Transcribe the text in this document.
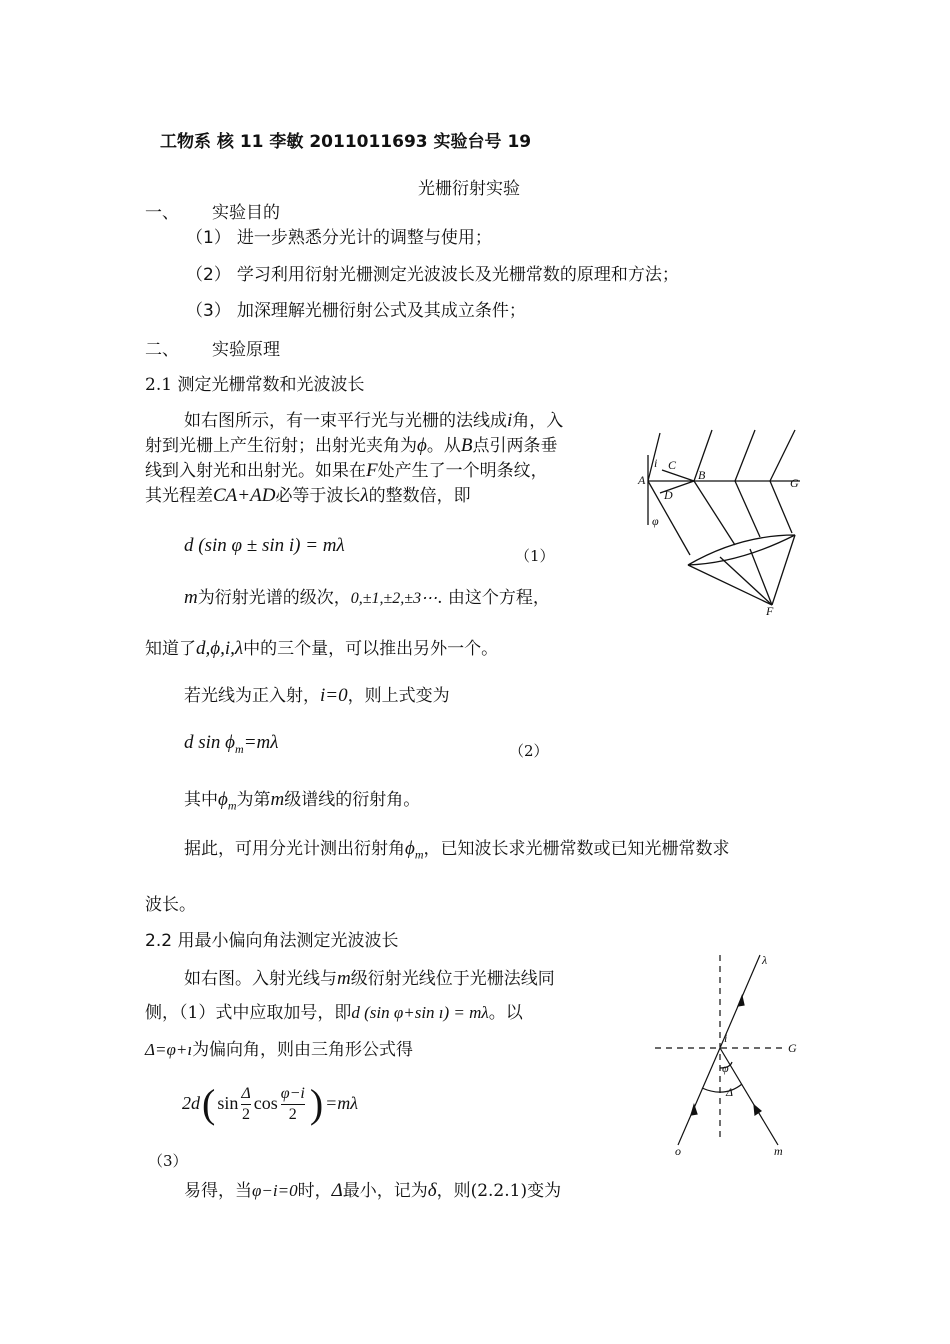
工物系 核 11 李敏 2011011693 实验台号 19
光栅衍射实验
一、 实验目的
（1） 进一步熟悉分光计的调整与使用；
（2） 学习利用衍射光栅测定光波波长及光栅常数的原理和方法；
（3） 加深理解光栅衍射公式及其成立条件；
二、 实验原理
2.1 测定光栅常数和光波波长
如右图所示，有一束平行光与光栅的法线成i角，入
射到光栅上产生衍射；出射光夹角为ϕ。从B点引两条垂
线到入射光和出射光。如果在F处产生了一个明条纹，
其光程差CA+AD必等于波长λ的整数倍，即
d (sin φ ± sin i) = mλ	（1）
m为衍射光谱的级次，0,±1,±2,±3⋯. 由这个方程，
知道了d,ϕ,i,λ中的三个量，可以推出另外一个。
若光线为正入射，i=0，则上式变为
d $\sin \phi_m=m\lambda$	（2）
其中$\phi_m$为第m级谱线的衍射角。
据此，可用分光计测出衍射角$\phi_m$，已知波长求光栅常数或已知光栅常数求
波长。
2.2 用最小偏向角法测定光波波长
如右图。入射光线与m级衍射光线位于光栅法线同
侧，（1）式中应取加号，即d (sin φ+sin ı) = mλ。以
Δ=φ+ı为偏向角，则由三角形公式得
2d ( sin Δ
2
cos φ−i
2 ) =mλ
（3）
易得，当φ−i=0时，Δ最小，记为δ，则(2.2.1)变为
A	B
C
D
G
F
i
φ
λ
G
o	m
i
φ
Δ
